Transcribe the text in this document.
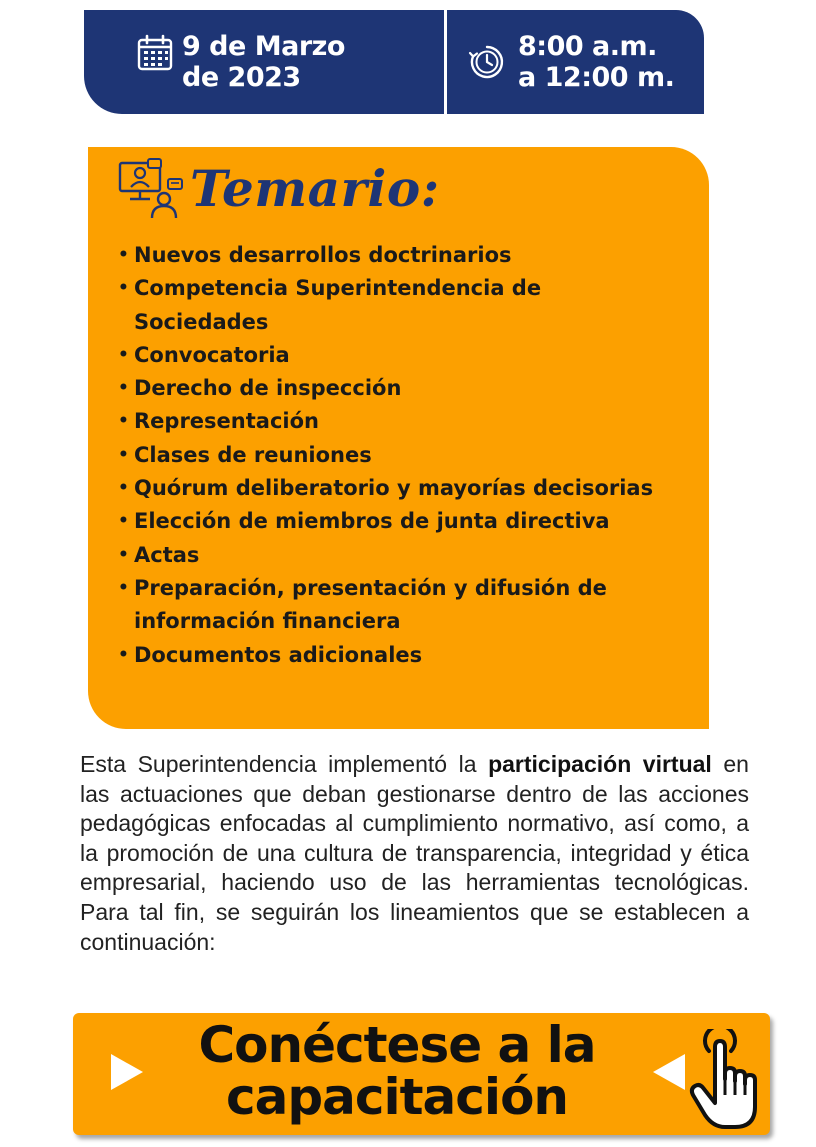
9 de Marzo
de 2023
8:00 a.m.
a 12:00 m.
Temario:
• Nuevos desarrollos doctrinarios
• Competencia Superintendencia de Sociedades
• Convocatoria
• Derecho de inspección
• Representación
• Clases de reuniones
• Quórum deliberatorio y mayorías decisorias
• Elección de miembros de junta directiva
• Actas
• Preparación, presentación y difusión de información financiera
• Documentos adicionales

Esta Superintendencia implementó la participación virtual en las actuaciones que deban gestionarse dentro de las acciones pedagógicas enfocadas al cumplimiento normativo, así como, a la promoción de una cultura de transparencia, integridad y ética empresarial, haciendo uso de las herramientas tecnológicas. Para tal fin, se seguirán los lineamientos que se establecen a continuación:

Conéctese a la
capacitación
